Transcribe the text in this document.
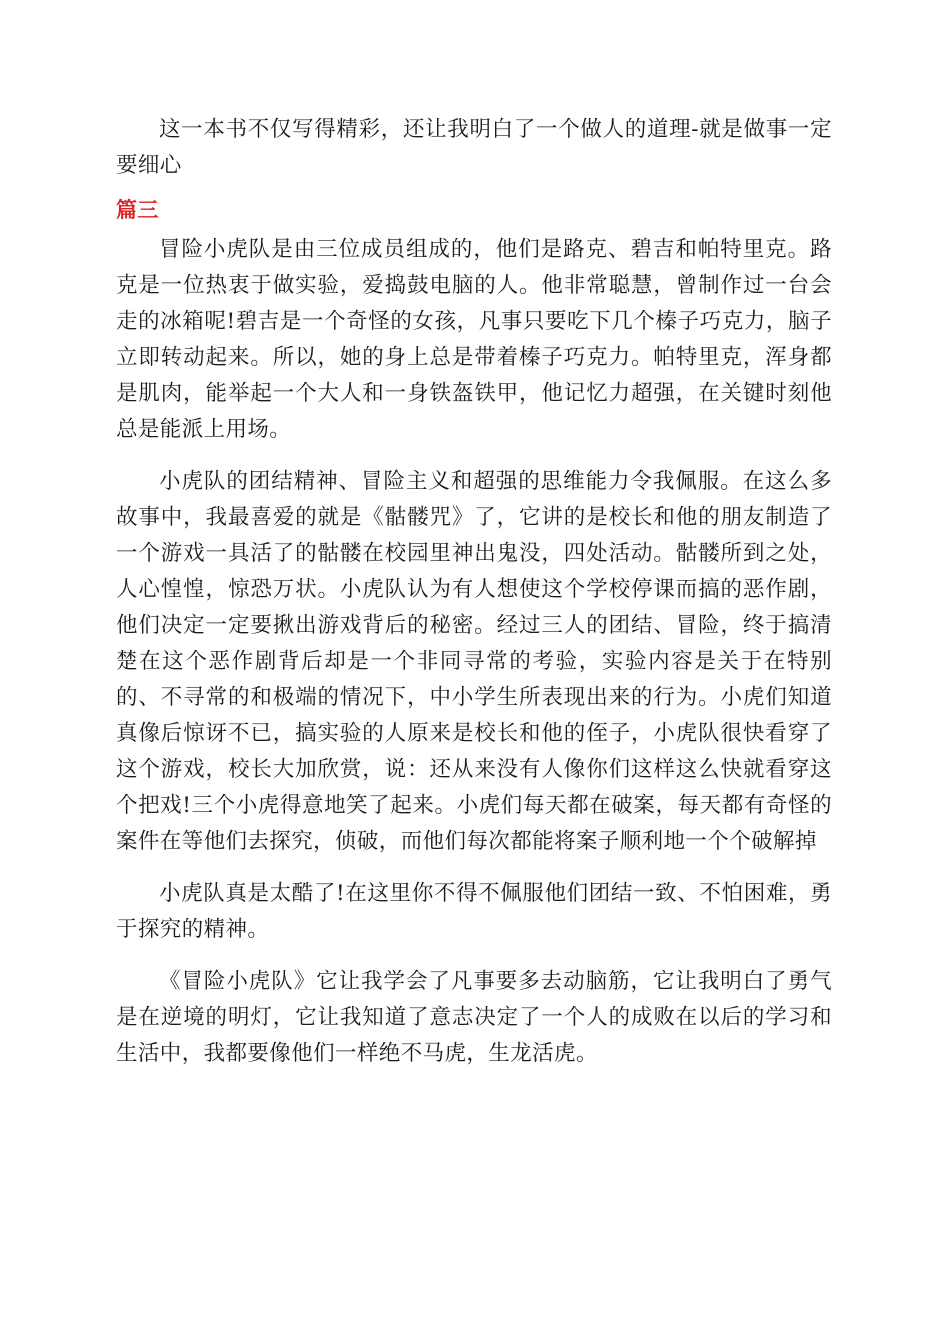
这一本书不仅写得精彩，还让我明白了一个做人的道理-就是做事一定要细心

篇三

冒险小虎队是由三位成员组成的，他们是路克、碧吉和帕特里克。路克是一位热衷于做实验，爱捣鼓电脑的人。他非常聪慧，曾制作过一台会走的冰箱呢!碧吉是一个奇怪的女孩，凡事只要吃下几个榛子巧克力，脑子立即转动起来。所以，她的身上总是带着榛子巧克力。帕特里克，浑身都是肌肉，能举起一个大人和一身铁盔铁甲，他记忆力超强，在关键时刻他总是能派上用场。

小虎队的团结精神、冒险主义和超强的思维能力令我佩服。在这么多故事中，我最喜爱的就是《骷髅咒》了，它讲的是校长和他的朋友制造了一个游戏一具活了的骷髅在校园里神出鬼没，四处活动。骷髅所到之处，人心惶惶，惊恐万状。小虎队认为有人想使这个学校停课而搞的恶作剧，他们决定一定要揪出游戏背后的秘密。经过三人的团结、冒险，终于搞清楚在这个恶作剧背后却是一个非同寻常的考验，实验内容是关于在特别的、不寻常的和极端的情况下，中小学生所表现出来的行为。小虎们知道真像后惊讶不已，搞实验的人原来是校长和他的侄子，小虎队很快看穿了这个游戏，校长大加欣赏，说：还从来没有人像你们这样这么快就看穿这个把戏!三个小虎得意地笑了起来。小虎们每天都在破案，每天都有奇怪的案件在等他们去探究，侦破，而他们每次都能将案子顺利地一个个破解掉

小虎队真是太酷了!在这里你不得不佩服他们团结一致、不怕困难，勇于探究的精神。

《冒险小虎队》它让我学会了凡事要多去动脑筋，它让我明白了勇气是在逆境的明灯，它让我知道了意志决定了一个人的成败在以后的学习和生活中，我都要像他们一样绝不马虎，生龙活虎。
